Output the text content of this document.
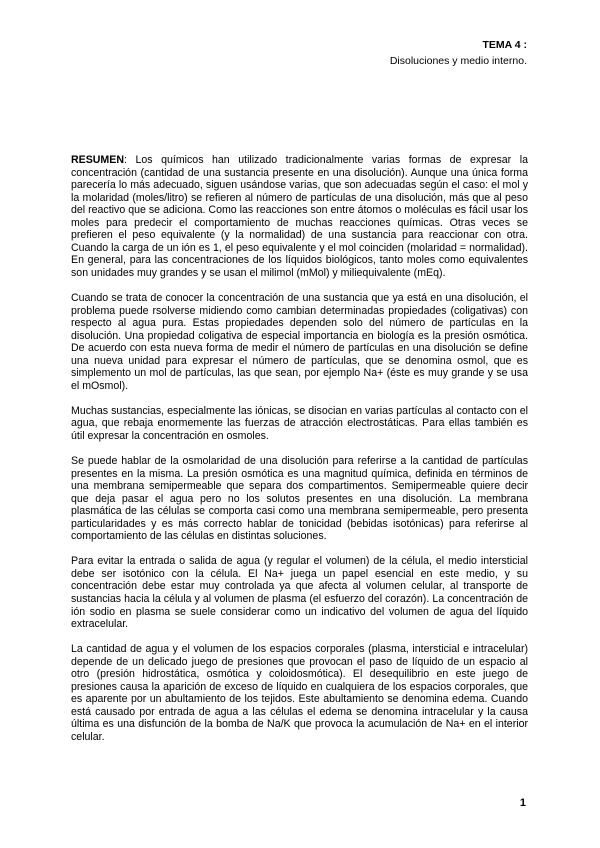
TEMA 4 :
Disoluciones y medio interno.

RESUMEN: Los químicos han utilizado tradicionalmente varias formas de expresar la concentración (cantidad de una sustancia presente en una disolución). Aunque una única forma parecería lo más adecuado, siguen usándose varias, que son adecuadas según el caso: el mol y la molaridad (moles/litro) se refieren al número de partículas de una disolución, más que al peso del reactivo que se adiciona. Como las reacciones son entre átomos o moléculas es fácil usar los moles para predecir el comportamiento de muchas reacciones químicas. Otras veces se prefieren el peso equivalente (y la normalidad) de una sustancia para reaccionar con otra. Cuando la carga de un ión es 1, el peso equivalente y el mol coinciden (molaridad = normalidad). En general, para las concentraciones de los líquidos biológicos, tanto moles como equivalentes son unidades muy grandes y se usan el milimol (mMol) y miliequivalente (mEq).

Cuando se trata de conocer la concentración de una sustancia que ya está en una disolución, el problema puede rsolverse midiendo como cambian determinadas propiedades (coligativas) con respecto al agua pura. Estas propiedades dependen solo del número de partículas en la disolución. Una propiedad coligativa de especial importancia en biología es la presión osmótica. De acuerdo con esta nueva forma de medir el número de partículas en una disolución se define una nueva unidad para expresar el número de partículas, que se denomina osmol, que es simplemento un mol de partículas, las que sean, por ejemplo Na+ (éste es muy grande y se usa el mOsmol).

Muchas sustancias, especialmente las iónicas, se disocian en varias partículas al contacto con el agua, que rebaja enormemente las fuerzas de atracción electrostáticas. Para ellas también es útil expresar la concentración en osmoles.

Se puede hablar de la osmolaridad de una disolución para referirse a la cantidad de partículas presentes en la misma. La presión osmótica es una magnitud química, definida en términos de una membrana semipermeable que separa dos compartimentos. Semipermeable quiere decir que deja pasar el agua pero no los solutos presentes en una disolución. La membrana plasmática de las células se comporta casi como una membrana semipermeable, pero presenta particularidades y es más correcto hablar de tonicidad (bebidas isotónicas) para referirse al comportamiento de las células en distintas soluciones.

Para evitar la entrada o salida de agua (y regular el volumen) de la célula, el medio intersticial debe ser isotónico con la célula. El Na+ juega un papel esencial en este medio, y su concentración debe estar muy controlada ya que afecta al volumen celular, al transporte de sustancias hacia la célula y al volumen de plasma (el esfuerzo del corazón). La concentración de ión sodio en plasma se suele considerar como un indicativo del volumen de agua del líquido extracelular.

La cantidad de agua y el volumen de los espacios corporales (plasma, intersticial e intracelular) depende de un delicado juego de presiones que provocan el paso de líquido de un espacio al otro (presión hidrostática, osmótica y coloidosmótica). El desequilibrio en este juego de presiones causa la aparición de exceso de líquido en cualquiera de los espacios corporales, que es aparente por un abultamiento de los tejidos. Este abultamiento se denomina edema. Cuando está causado por entrada de agua a las células el edema se denomina intracelular y la causa última es una disfunción de la bomba de Na/K que provoca la acumulación de Na+ en el interior celular.

1
